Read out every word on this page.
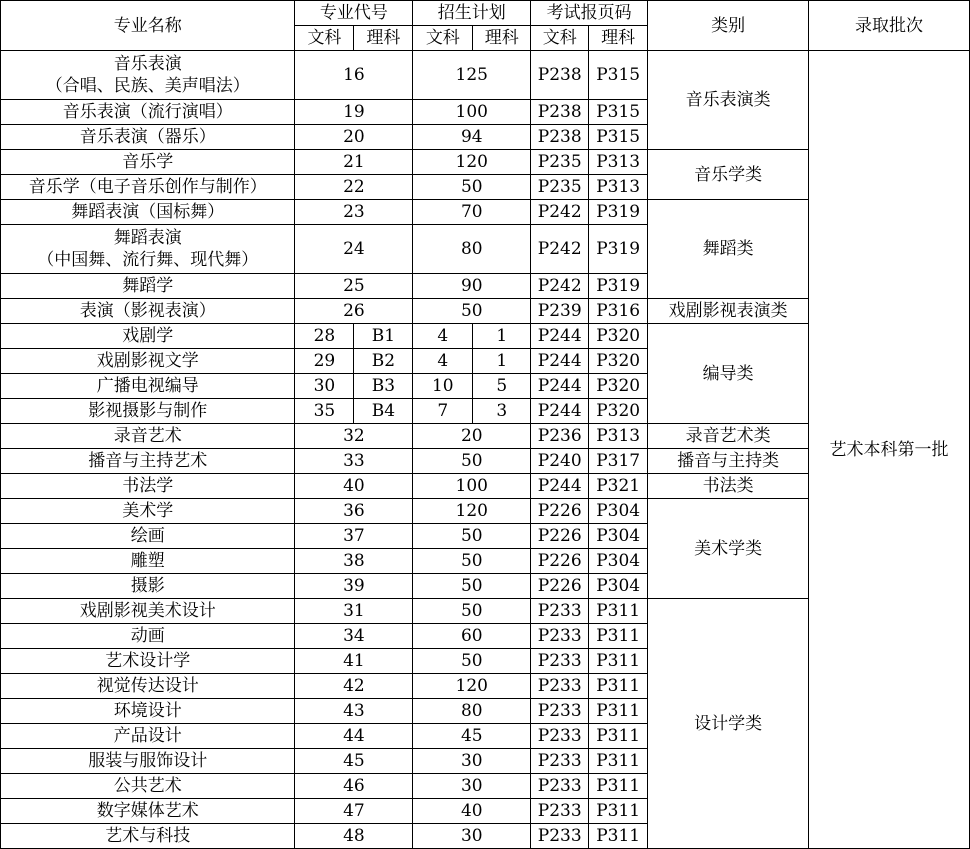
专业名称	专业代号		招生计划		考试报页码		类别	录取批次
	文科	理科	文科	理科	文科	理科		

音乐表演
（合唱、民族、美声唱法）	16		125		P238	P315	音乐表演类	艺术本科第一批

音乐表演（流行演唱）	19		100		P238	P315		

音乐表演（器乐）	20		94		P238	P315		

音乐学	21		120		P235	P313	音乐学类	

音乐学（电子音乐创作与制作）	22		50		P235	P313		

舞蹈表演（国标舞）	23		70		P242	P319	舞蹈类	

舞蹈表演
（中国舞、流行舞、现代舞）	24		80		P242	P319		

舞蹈学	25		90		P242	P319		

表演（影视表演）	26		50		P239	P316	戏剧影视表演类	

戏剧学	28	B1	4	1	P244	P320	编导类	

戏剧影视文学	29	B2	4	1	P244	P320		

广播电视编导	30	B3	10	5	P244	P320		

影视摄影与制作	35	B4	7	3	P244	P320		

录音艺术	32		20		P236	P313	录音艺术类	

播音与主持艺术	33		50		P240	P317	播音与主持类	

书法学	40		100		P244	P321	书法类	

美术学	36		120		P226	P304	美术学类	

绘画	37		50		P226	P304		

雕塑	38		50		P226	P304		

摄影	39		50		P226	P304		

戏剧影视美术设计	31		50		P233	P311	设计学类	

动画	34		60		P233	P311		

艺术设计学	41		50		P233	P311		

视觉传达设计	42		120		P233	P311		

环境设计	43		80		P233	P311		

产品设计	44		45		P233	P311		

服装与服饰设计	45		30		P233	P311		

公共艺术	46		30		P233	P311		

数字媒体艺术	47		40		P233	P311		

艺术与科技	48		30		P233	P311		
